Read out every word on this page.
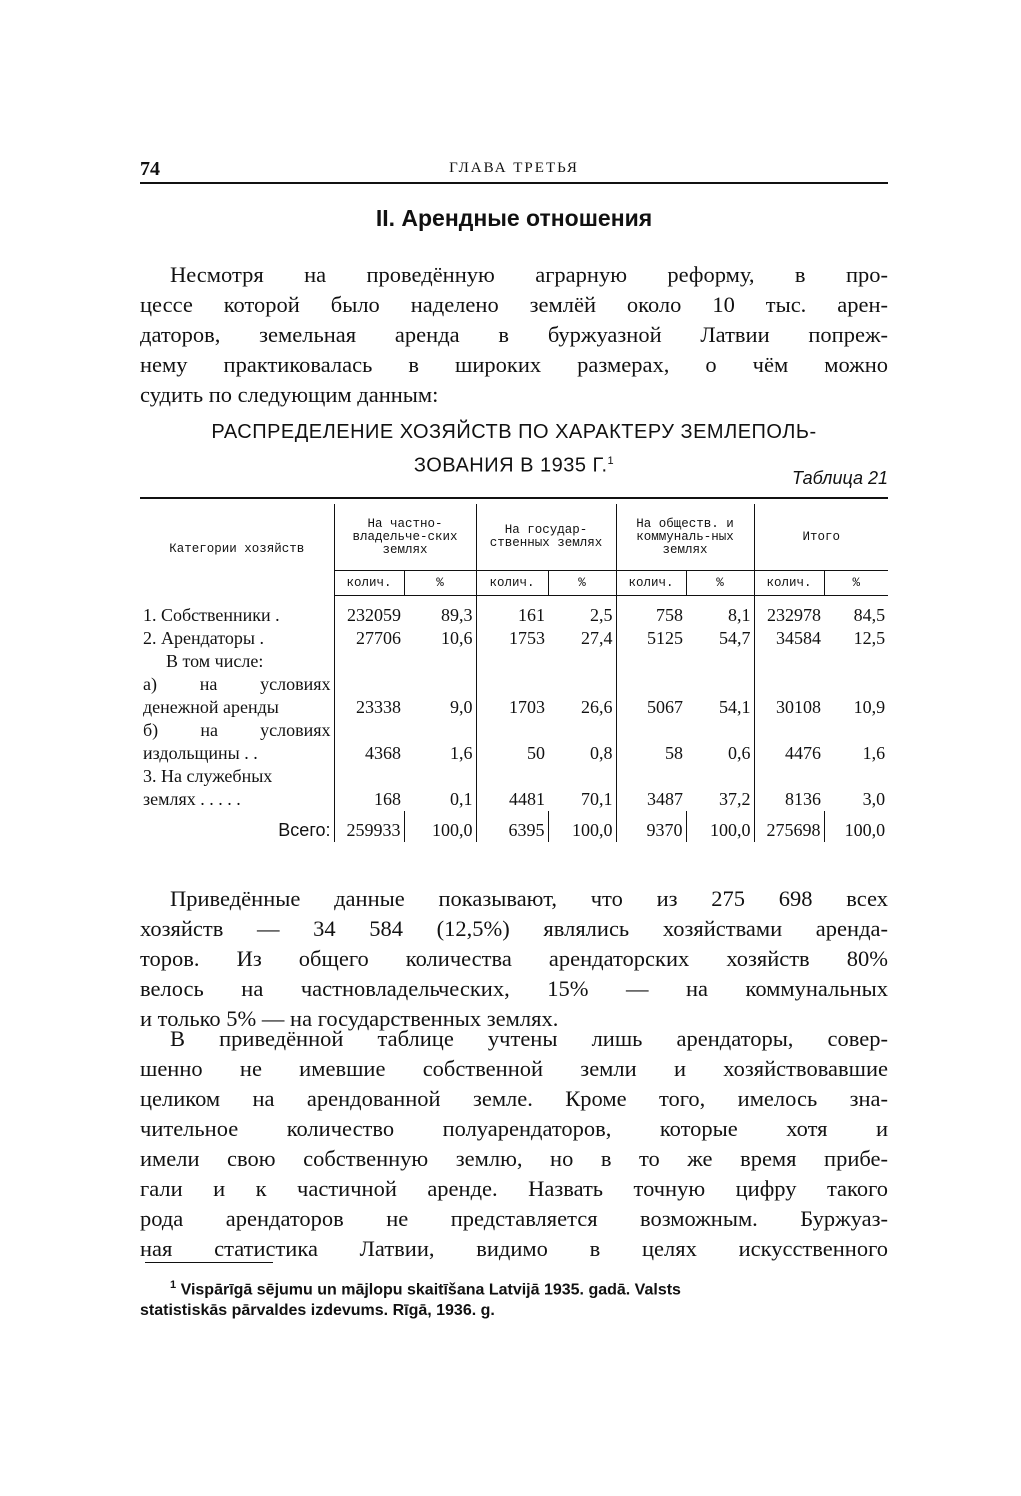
74	ГЛАВА ТРЕТЬЯ
II. Арендные отношения
Несмотря на проведённую аграрную реформу, в про-
цессе которой было наделено землёй около 10 тыс. арен-
даторов, земельная аренда в буржуазной Латвии попреж-
нему практиковалась в широких размерах, о чём можно
судить по следующим данным:
РАСПРЕДЕЛЕНИЕ ХОЗЯЙСТВ ПО ХАРАКТЕРУ ЗЕМЛЕПОЛЬ-
ЗОВАНИЯ В 1935 Г.$^1$
Таблица 21
Категории хозяйств	На частно-владельче-ских землях		На государ-ственных землях		На обществ. и коммуналь-ных землях		Итого	
	колич.	%	колич.	%	колич.	%	колич.	%
1. Собственники .	232059	89,3	161	2,5	758	8,1	232978	84,5
2. Арендаторы .	27706	10,6	1753	27,4	5125	54,7	34584	12,5
В том числе:								
а) на условиях								
денежной аренды	23338	9,0	1703	26,6	5067	54,1	30108	10,9
б) на условиях								
издольщины . .	4368	1,6	50	0,8	58	0,6	4476	1,6
3. На служебных								
землях . . . . .	168	0,1	4481	70,1	3487	37,2	8136	3,0
Всего:	259933	100,0	6395	100,0	9370	100,0	275698	100,0
Приведённые данные показывают, что из 275 698 всех
хозяйств — 34 584 (12,5%) являлись хозяйствами аренда-
торов. Из общего количества арендаторских хозяйств 80%
велось на частновладельческих, 15% — на коммунальных
и только 5% — на государственных землях.
В приведённой таблице учтены лишь арендаторы, совер-
шенно не имевшие собственной земли и хозяйствовавшие
целиком на арендованной земле. Кроме того, имелось зна-
чительное количество полуарендаторов, которые хотя и
имели свою собственную землю, но в то же время прибе-
гали и к частичной аренде. Назвать точную цифру такого
рода арендаторов не представляется возможным. Буржуаз-
ная статистика Латвии, видимо в целях искусственного
$^1$ Vispārīgā sējumu un mājlopu skaitīšana Latvijā 1935. gadā. Valsts
statistiskās pārvaldes izdevums. Rīgā, 1936. g.
